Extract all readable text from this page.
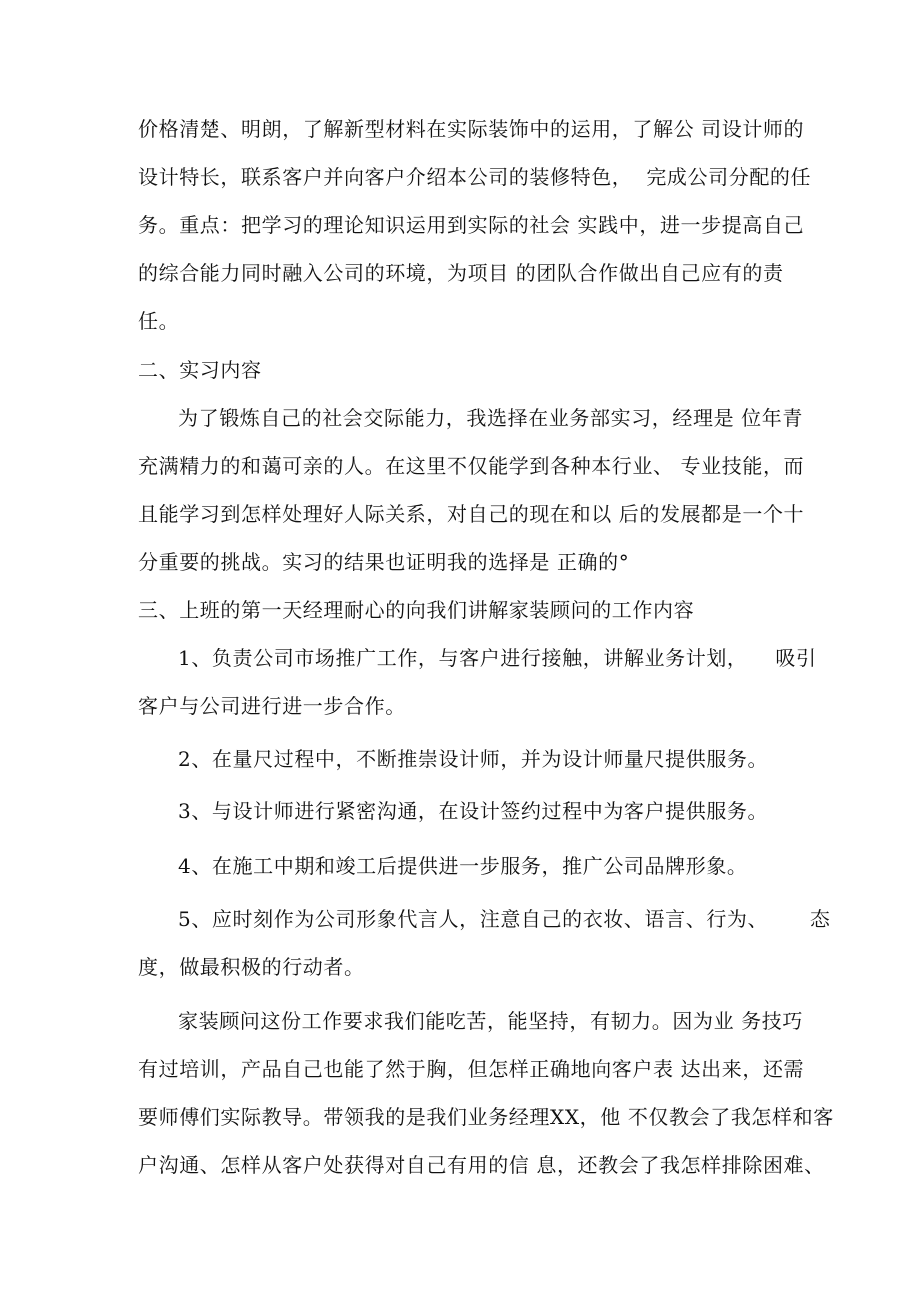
价格清楚、明朗，了解新型材料在实际装饰中的运用，了解公 司设计师的

设计特长，联系客户并向客户介绍本公司的装修特色，  完成公司分配的任

务。重点：把学习的理论知识运用到实际的社会 实践中，进一步提高自己

的综合能力同时融入公司的环境，为项目 的团队合作做出自己应有的责

任。

二、实习内容

为了锻炼自己的社会交际能力，我选择在业务部实习，经理是 位年青

充满精力的和蔼可亲的人。在这里不仅能学到各种本行业、 专业技能，而

且能学习到怎样处理好人际关系，对自己的现在和以 后的发展都是一个十

分重要的挑战。实习的结果也证明我的选择是 正确的°

三、上班的第一天经理耐心的向我们讲解家装顾问的工作内容

1、负责公司市场推广工作，与客户进行接触，讲解业务计划，    吸引

客户与公司进行进一步合作。

2、在量尺过程中，不断推崇设计师，并为设计师量尺提供服务。

3、与设计师进行紧密沟通，在设计签约过程中为客户提供服务。

4、在施工中期和竣工后提供进一步服务，推广公司品牌形象。

5、应时刻作为公司形象代言人，注意自己的衣妆、语言、行为、      态

度，做最积极的行动者。

家装顾问这份工作要求我们能吃苦，能坚持，有韧力。因为业 务技巧

有过培训，产品自己也能了然于胸，但怎样正确地向客户表 达出来，还需

要师傅们实际教导。带领我的是我们业务经理XX，他 不仅教会了我怎样和客

户沟通、怎样从客户处获得对自己有用的信 息，还教会了我怎样排除困难、
